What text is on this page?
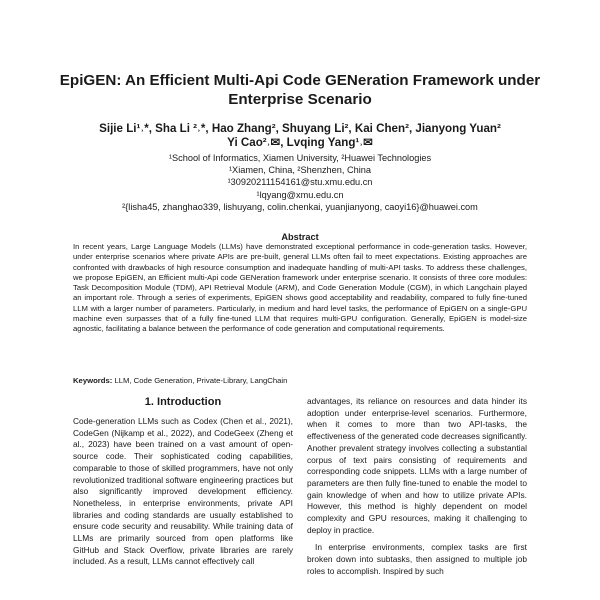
EpiGEN: An Efficient Multi-Api Code GENeration Framework under
Enterprise Scenario
Sijie Li¹˒*, Sha Li ²˒*, Hao Zhang², Shuyang Li², Kai Chen², Jianyong Yuan²
Yi Cao²˒✉, Lvqing Yang¹˒✉
¹School of Informatics, Xiamen University, ²Huawei Technologies
¹Xiamen, China, ²Shenzhen, China
¹30920211154161@stu.xmu.edu.cn
¹lqyang@xmu.edu.cn
²{lisha45, zhanghao339, lishuyang, colin.chenkai, yuanjianyong, caoyi16}@huawei.com
Abstract
In recent years, Large Language Models (LLMs) have demonstrated exceptional performance in code-generation tasks. However, under enterprise scenarios where private APIs are pre-built, general LLMs often fail to meet expectations. Existing approaches are confronted with drawbacks of high resource consumption and inadequate handling of multi-API tasks. To address these challenges, we propose EpiGEN, an Efficient multi-Api code GENeration framework under enterprise scenario. It consists of three core modules: Task Decomposition Module (TDM), API Retrieval Module (ARM), and Code Generation Module (CGM), in which Langchain played an important role. Through a series of experiments, EpiGEN shows good acceptability and readability, compared to fully fine-tuned LLM with a larger number of parameters. Particularly, in medium and hard level tasks, the performance of EpiGEN on a single-GPU machine even surpasses that of a fully fine-tuned LLM that requires multi-GPU configuration. Generally, EpiGEN is model-size agnostic, facilitating a balance between the performance of code generation and computational requirements.
Keywords: LLM, Code Generation, Private-Library, LangChain
1. Introduction

Code-generation LLMs such as Codex (Chen et al., 2021), CodeGen (Nijkamp et al., 2022), and CodeGeex (Zheng et al., 2023) have been trained on a vast amount of open-source code. Their sophisticated coding capabilities, comparable to those of skilled programmers, have not only revolutionized traditional software engineering practices but also significantly improved development efficiency. Nonetheless, in enterprise environments, private API libraries and coding standards are usually established to ensure code security and reusability. While training data of LLMs are primarily sourced from open platforms like GitHub and Stack Overflow, private libraries are rarely included. As a result, LLMs cannot effectively call

advantages, its reliance on resources and data hinder its adoption under enterprise-level scenarios. Furthermore, when it comes to more than two API-tasks, the effectiveness of the generated code decreases significantly. Another prevalent strategy involves collecting a substantial corpus of text pairs consisting of requirements and corresponding code snippets. LLMs with a large number of parameters are then fully fine-tuned to enable the model to gain knowledge of when and how to utilize private APIs. However, this method is highly dependent on model complexity and GPU resources, making it challenging to deploy in practice.

In enterprise environments, complex tasks are first broken down into subtasks, then assigned to multiple job roles to accomplish. Inspired by such
